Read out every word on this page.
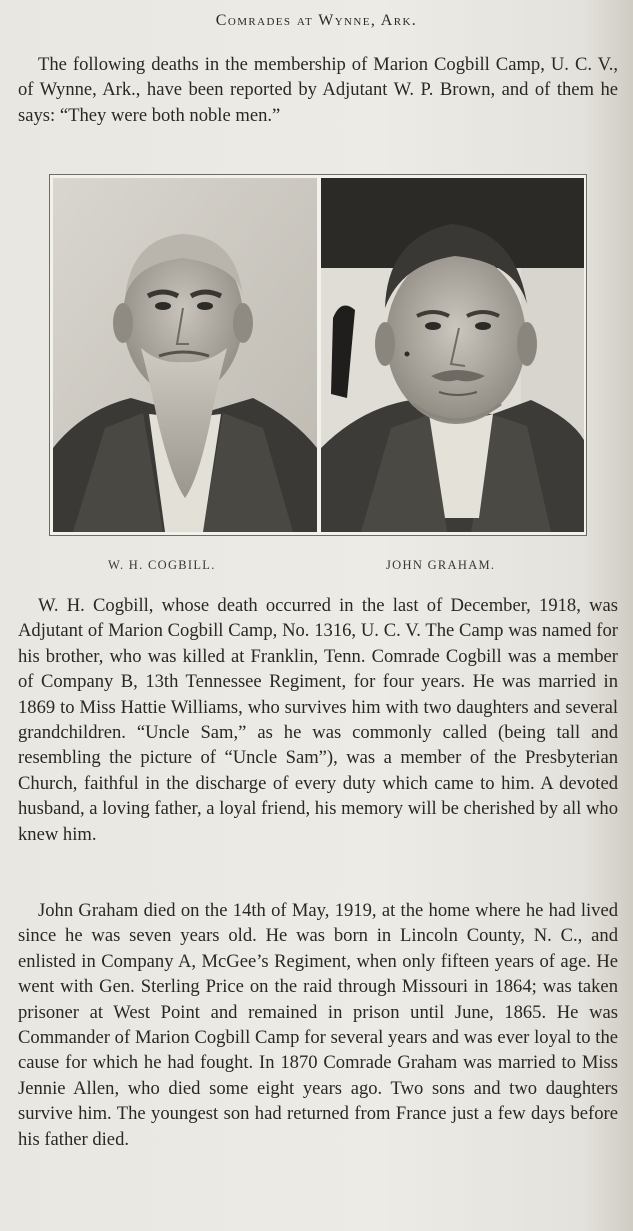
Comrades at Wynne, Ark.

The following deaths in the membership of Marion Cogbill Camp, U. C. V., of Wynne, Ark., have been reported by Adjutant W. P. Brown, and of them he says: “They were both noble men.”

W. H. COGBILL.	JOHN GRAHAM.

W. H. Cogbill, whose death occurred in the last of December, 1918, was Adjutant of Marion Cogbill Camp, No. 1316, U. C. V. The Camp was named for his brother, who was killed at Franklin, Tenn. Comrade Cogbill was a member of Company B, 13th Tennessee Regiment, for four years. He was married in 1869 to Miss Hattie Williams, who survives him with two daughters and several grandchildren. “Uncle Sam,” as he was commonly called (being tall and resembling the picture of “Uncle Sam”), was a member of the Presbyterian Church, faithful in the discharge of every duty which came to him. A devoted husband, a loving father, a loyal friend, his memory will be cherished by all who knew him.

John Graham died on the 14th of May, 1919, at the home where he had lived since he was seven years old. He was born in Lincoln County, N. C., and enlisted in Company A, McGee’s Regiment, when only fifteen years of age. He went with Gen. Sterling Price on the raid through Missouri in 1864; was taken prisoner at West Point and remained in prison until June, 1865. He was Commander of Marion Cogbill Camp for several years and was ever loyal to the cause for which he had fought. In 1870 Comrade Graham was married to Miss Jennie Allen, who died some eight years ago. Two sons and two daughters survive him. The youngest son had returned from France just a few days before his father died.
